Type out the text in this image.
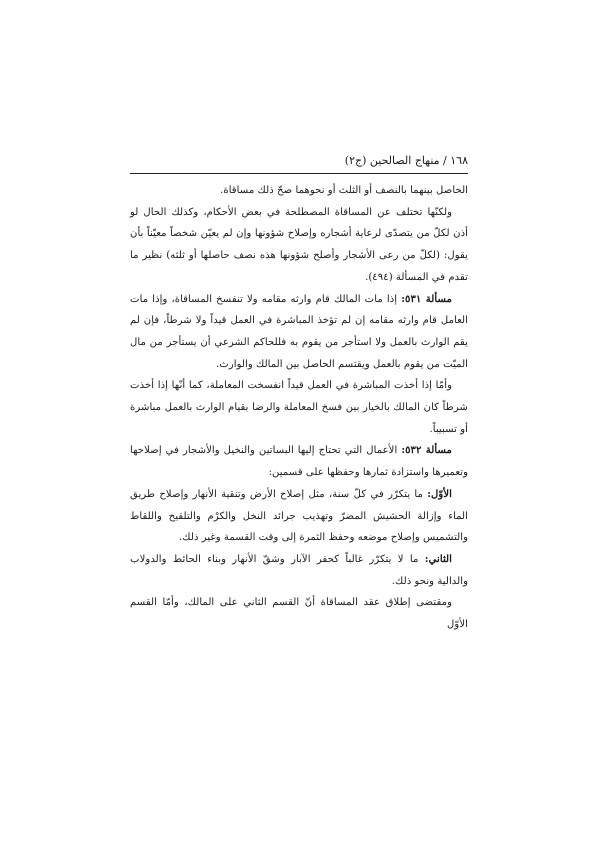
١٦٨ / منهاج الصالحين (ج٢)

الحاصل بينهما بالنصف أو الثلث أو نحوهما صحّ ذلك مساقاة.

ولكنّها تختلف عن المساقاة المصطلحة في بعض الأحكام، وكذلك الحال لو أذن لكلّ من يتصدّى لرعاية أشجاره وإصلاح شؤونها وإن لم يعيّن شخصاً معيّناً بأن يقول: (لكلّ من رعى الأشجار وأصلح شؤونها هذه نصف حاصلها أو ثلثه) نظير ما تقدم في المسألة (٤٩٤).

مسألة ٥٣١: إذا مات المالك قام وارثه مقامه ولا تنفسخ المساقاة، وإذا مات العامل قام وارثه مقامه إن لم تؤخذ المباشرة في العمل قيداً ولا شرطاً، فإن لم يقم الوارث بالعمل ولا استأجر من يقوم به فللحاكم الشرعي أن يستأجر من مال الميّت من يقوم بالعمل ويقتسم الحاصل بين المالك والوارث.

وأمّا إذا أخذت المباشرة في العمل قيداً انفسخت المعاملة، كما أنّها إذا أخذت شرطاً كان المالك بالخيار بين فسخ المعاملة والرضا بقيام الوارث بالعمل مباشرة أو تسبيباً.

مسألة ٥٣٢: الأعمال التي تحتاج إليها البساتين والنخيل والأشجار في إصلاحها وتعميرها واستزادة ثمارها وحفظها على قسمين:

الأوّل: ما يتكرّر في كلّ سنة، مثل إصلاح الأرض وتنقية الأنهار وإصلاح طريق الماء وإزالة الحشيش المضرّ وتهذيب جرائد النخل والكرْم والتلقيح واللقاط والتشميس وإصلاح موضعه وحفظ الثمرة إلى وقت القسمة وغير ذلك.

الثاني: ما لا يتكرّر غالباً كحفر الآبار وشقّ الأنهار وبناء الحائط والدولاب والدالية ونحو ذلك.

ومقتضى إطلاق عقد المساقاة أنّ القسم الثاني على المالك، وأمّا القسم الأوّل
